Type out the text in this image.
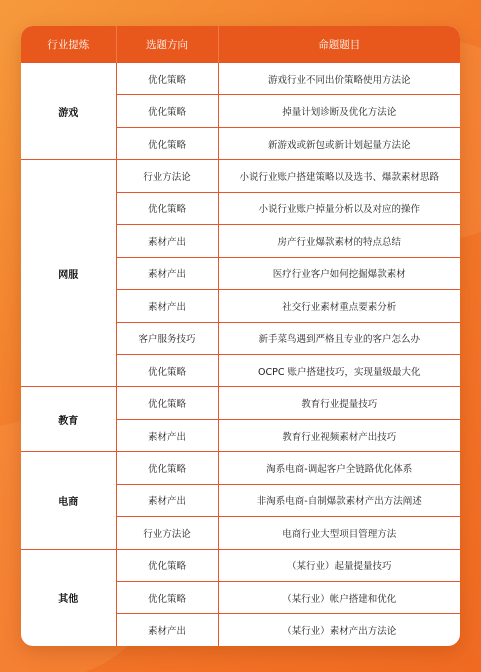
行业提炼	选题方向	命题题目
游戏	优化策略	游戏行业不同出价策略使用方法论
	优化策略	掉量计划诊断及优化方法论
	优化策略	新游戏或新包或新计划起量方法论
网服	行业方法论	小说行业账户搭建策略以及选书、爆款素材思路
	优化策略	小说行业账户掉量分析以及对应的操作
	素材产出	房产行业爆款素材的特点总结
	素材产出	医疗行业客户如何挖掘爆款素材
	素材产出	社交行业素材重点要素分析
	客户服务技巧	新手菜鸟遇到严格且专业的客户怎么办
	优化策略	OCPC 账户搭建技巧，实现量级最大化
教育	优化策略	教育行业提量技巧
	素材产出	教育行业视频素材产出技巧
电商	优化策略	淘系电商-调起客户全链路优化体系
	素材产出	非淘系电商-自制爆款素材产出方法阐述
	行业方法论	电商行业大型项目管理方法
其他	优化策略	（某行业）起量提量技巧
	优化策略	（某行业）帐户搭建和优化
	素材产出	（某行业）素材产出方法论
